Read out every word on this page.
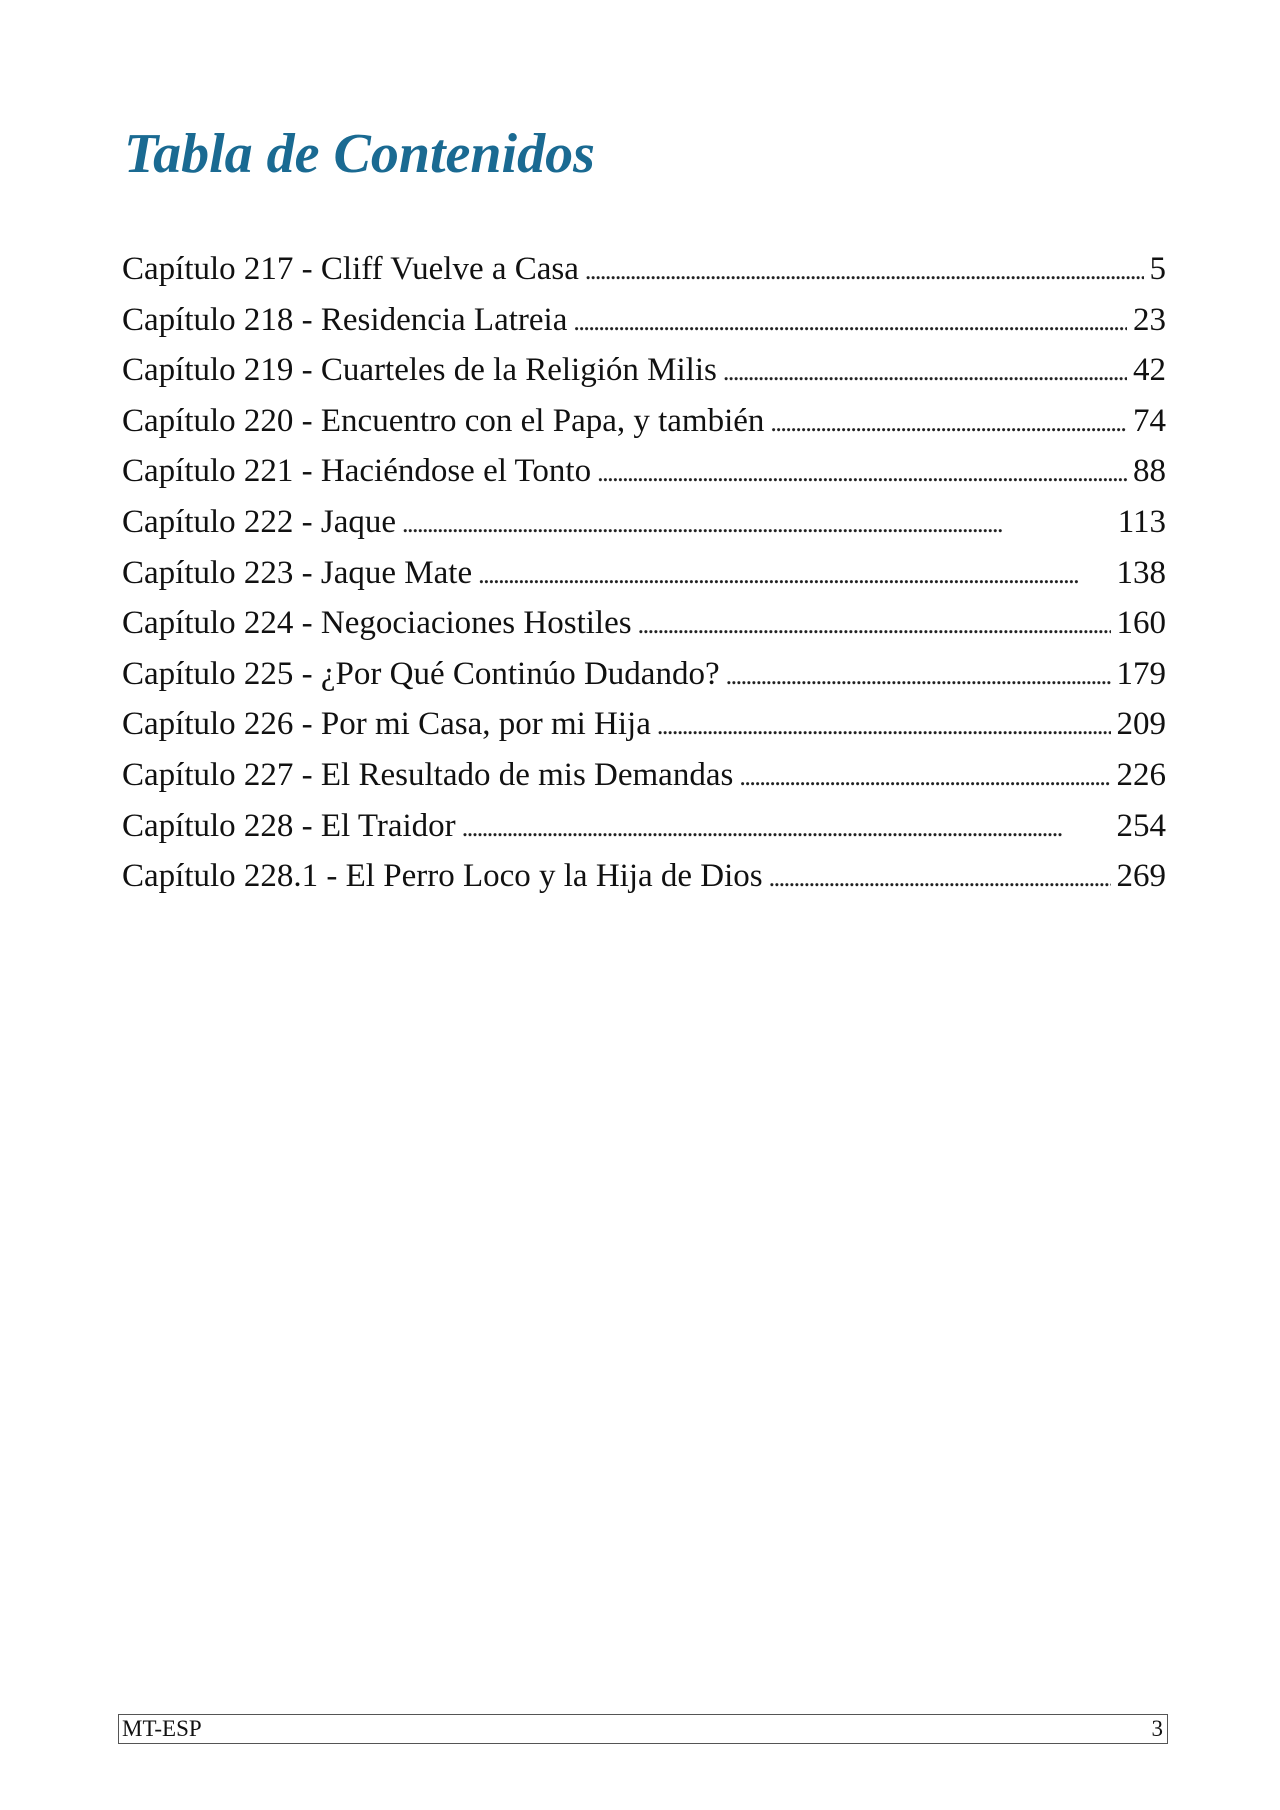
Tabla de Contenidos
Capítulo 217 - Cliff Vuelve a Casa . . .	5
Capítulo 218 - Residencia Latreia . . .	23
Capítulo 219 - Cuarteles de la Religión Milis . . .	42
Capítulo 220 - Encuentro con el Papa, y también . . .	74
Capítulo 221 - Haciéndose el Tonto . . .	88
Capítulo 222 - Jaque . . .	113
Capítulo 223 - Jaque Mate . . .	138
Capítulo 224 - Negociaciones Hostiles . . .	160
Capítulo 225 - ¿Por Qué Continúo Dudando? . . .	179
Capítulo 226 - Por mi Casa, por mi Hija . . .	209
Capítulo 227 - El Resultado de mis Demandas . . .	226
Capítulo 228 - El Traidor . . .	254
Capítulo 228.1 - El Perro Loco y la Hija de Dios . . .	269
MT-ESP	3
